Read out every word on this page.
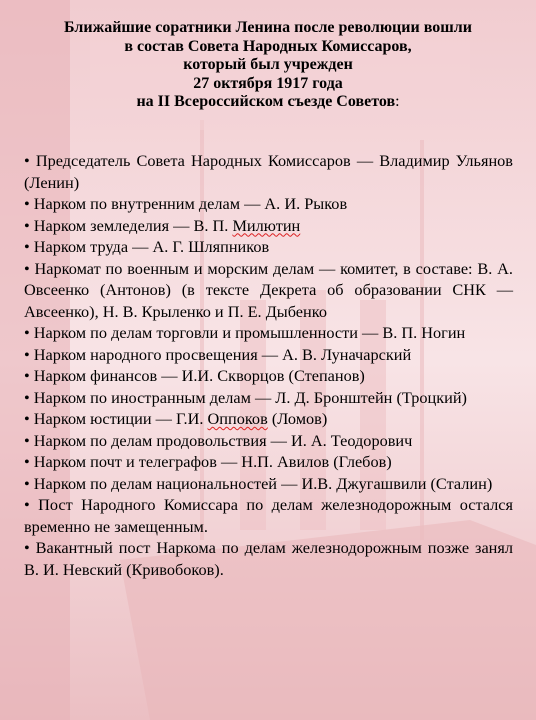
Ближайшие соратники Ленина после революции вошли
в состав Совета Народных Комиссаров,
который был учрежден
27 октября 1917 года
на II Всероссийском съезде Советов:
• Председатель Совета Народных Комиссаров — Владимир Ульянов (Ленин)
• Нарком по внутренним делам — А. И. Рыков
• Нарком земледелия — В. П. Милютин
• Нарком труда — А. Г. Шляпников
• Наркомат по военным и морским делам — комитет, в составе: В. А. Овсеенко (Антонов) (в тексте Декрета об образовании СНК — Авсеенко), Н. В. Крыленко и П. Е. Дыбенко
• Нарком по делам торговли и промышленности — В. П. Ногин
• Нарком народного просвещения — А. В. Луначарский
• Нарком финансов — И.И. Скворцов (Степанов)
• Нарком по иностранным делам — Л. Д. Бронштейн (Троцкий)
• Нарком юстиции — Г.И. Оппоков (Ломов)
• Нарком по делам продовольствия — И. А. Теодорович
• Нарком почт и телеграфов — Н.П. Авилов (Глебов)
• Нарком по делам национальностей — И.В. Джугашвили (Сталин)
• Пост Народного Комиссара по делам железнодорожным остался временно не замещенным.
• Вакантный пост Наркома по делам железнодорожным позже занял В. И. Невский (Кривобоков).
